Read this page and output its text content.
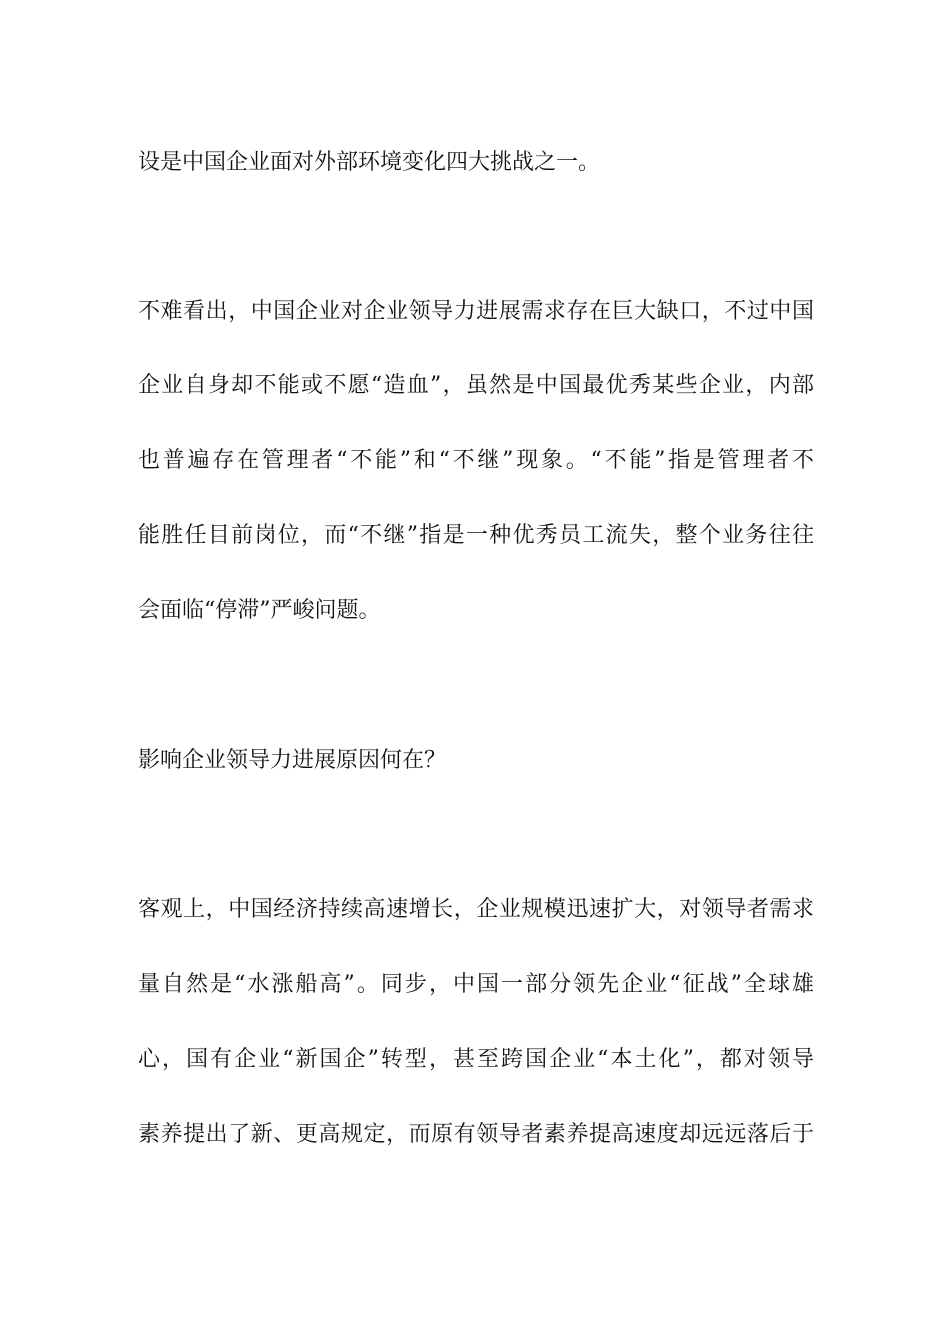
设是中国企业面对外部环境变化四大挑战之一。
不难看出，中国企业对企业领导力进展需求存在巨大缺口，不过中国
企业自身却不能或不愿“造血”，虽然是中国最优秀某些企业，内部
也普遍存在管理者“不能”和“不继”现象。“不能”指是管理者不
能胜任目前岗位，而“不继”指是一种优秀员工流失，整个业务往往
会面临“停滞”严峻问题。
影响企业领导力进展原因何在？
客观上，中国经济持续高速增长，企业规模迅速扩大，对领导者需求
量自然是“水涨船高”。同步，中国一部分领先企业“征战”全球雄
心，国有企业“新国企”转型，甚至跨国企业“本土化”，都对领导
素养提出了新、更高规定，而原有领导者素养提高速度却远远落后于
